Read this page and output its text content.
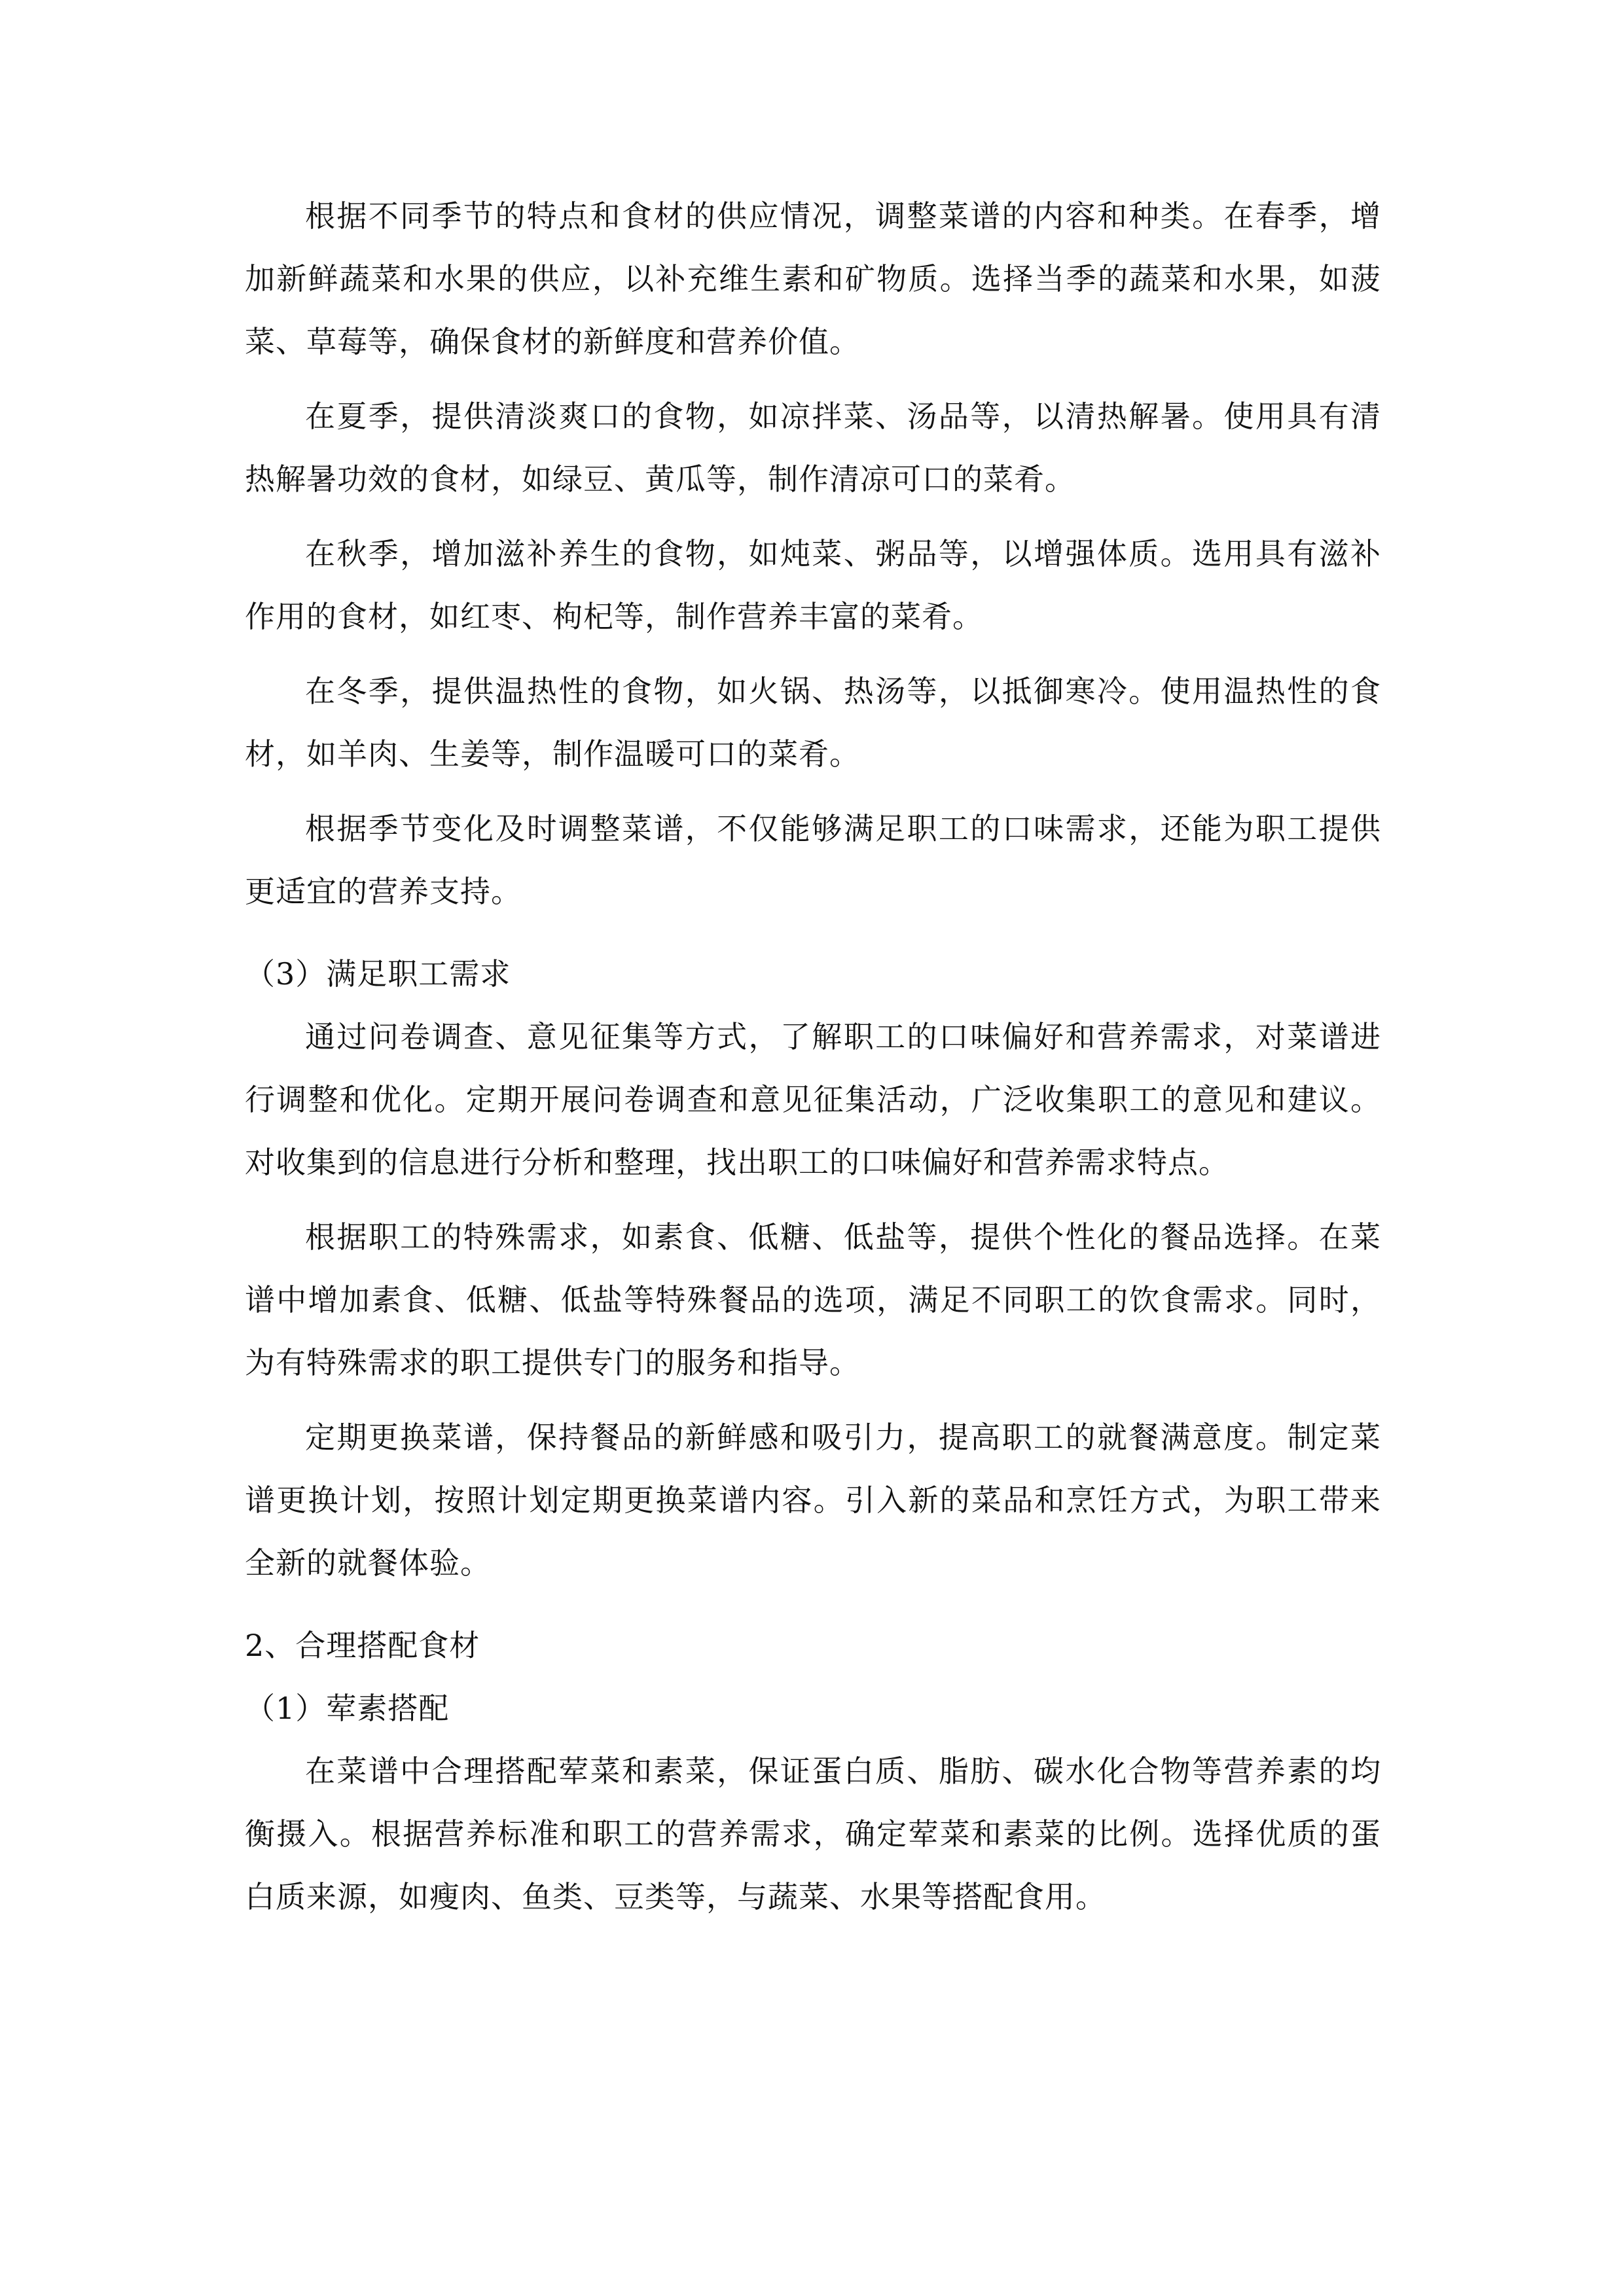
根据不同季节的特点和食材的供应情况，调整菜谱的内容和种类。在春季，增加新鲜蔬菜和水果的供应，以补充维生素和矿物质。选择当季的蔬菜和水果，如菠菜、草莓等，确保食材的新鲜度和营养价值。

在夏季，提供清淡爽口的食物，如凉拌菜、汤品等，以清热解暑。使用具有清热解暑功效的食材，如绿豆、黄瓜等，制作清凉可口的菜肴。

在秋季，增加滋补养生的食物，如炖菜、粥品等，以增强体质。选用具有滋补作用的食材，如红枣、枸杞等，制作营养丰富的菜肴。

在冬季，提供温热性的食物，如火锅、热汤等，以抵御寒冷。使用温热性的食材，如羊肉、生姜等，制作温暖可口的菜肴。

根据季节变化及时调整菜谱，不仅能够满足职工的口味需求，还能为职工提供更适宜的营养支持。

（3）满足职工需求

通过问卷调查、意见征集等方式，了解职工的口味偏好和营养需求，对菜谱进行调整和优化。定期开展问卷调查和意见征集活动，广泛收集职工的意见和建议。对收集到的信息进行分析和整理，找出职工的口味偏好和营养需求特点。

根据职工的特殊需求，如素食、低糖、低盐等，提供个性化的餐品选择。在菜谱中增加素食、低糖、低盐等特殊餐品的选项，满足不同职工的饮食需求。同时，为有特殊需求的职工提供专门的服务和指导。

定期更换菜谱，保持餐品的新鲜感和吸引力，提高职工的就餐满意度。制定菜谱更换计划，按照计划定期更换菜谱内容。引入新的菜品和烹饪方式，为职工带来全新的就餐体验。

2、合理搭配食材

（1）荤素搭配

在菜谱中合理搭配荤菜和素菜，保证蛋白质、脂肪、碳水化合物等营养素的均衡摄入。根据营养标准和职工的营养需求，确定荤菜和素菜的比例。选择优质的蛋白质来源，如瘦肉、鱼类、豆类等，与蔬菜、水果等搭配食用。
